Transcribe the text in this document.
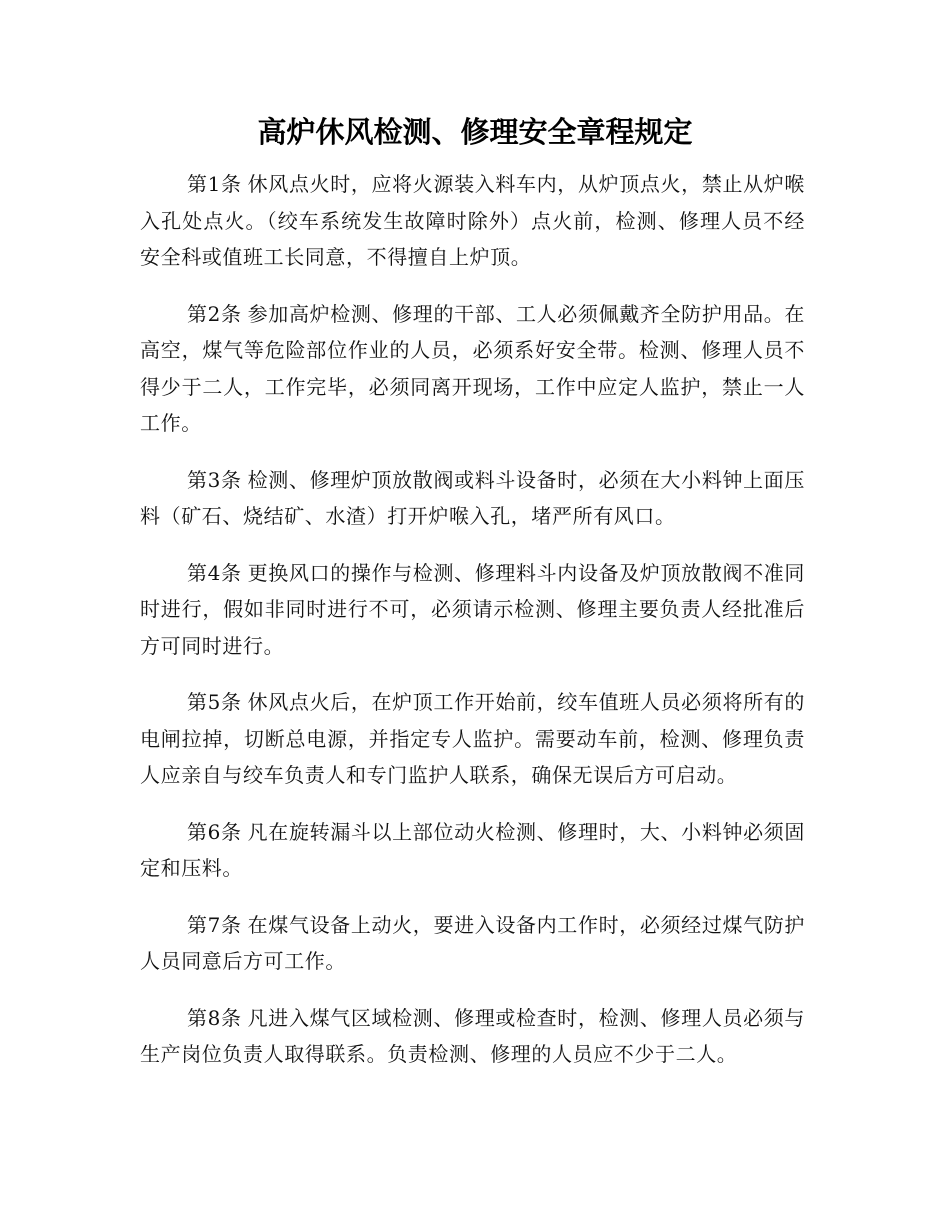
高炉休风检测、修理安全章程规定

第1条 休风点火时，应将火源装入料车内，从炉顶点火，禁止从炉喉入孔处点火。（绞车系统发生故障时除外）点火前，检测、修理人员不经安全科或值班工长同意，不得擅自上炉顶。

第2条 参加高炉检测、修理的干部、工人必须佩戴齐全防护用品。在高空，煤气等危险部位作业的人员，必须系好安全带。检测、修理人员不得少于二人，工作完毕，必须同离开现场，工作中应定人监护，禁止一人工作。

第3条 检测、修理炉顶放散阀或料斗设备时，必须在大小料钟上面压料（矿石、烧结矿、水渣）打开炉喉入孔，堵严所有风口。

第4条 更换风口的操作与检测、修理料斗内设备及炉顶放散阀不准同时进行，假如非同时进行不可，必须请示检测、修理主要负责人经批准后方可同时进行。

第5条 休风点火后，在炉顶工作开始前，绞车值班人员必须将所有的电闸拉掉，切断总电源，并指定专人监护。需要动车前，检测、修理负责人应亲自与绞车负责人和专门监护人联系，确保无误后方可启动。

第6条 凡在旋转漏斗以上部位动火检测、修理时，大、小料钟必须固定和压料。

第7条 在煤气设备上动火，要进入设备内工作时，必须经过煤气防护人员同意后方可工作。

第8条 凡进入煤气区域检测、修理或检查时，检测、修理人员必须与生产岗位负责人取得联系。负责检测、修理的人员应不少于二人。
